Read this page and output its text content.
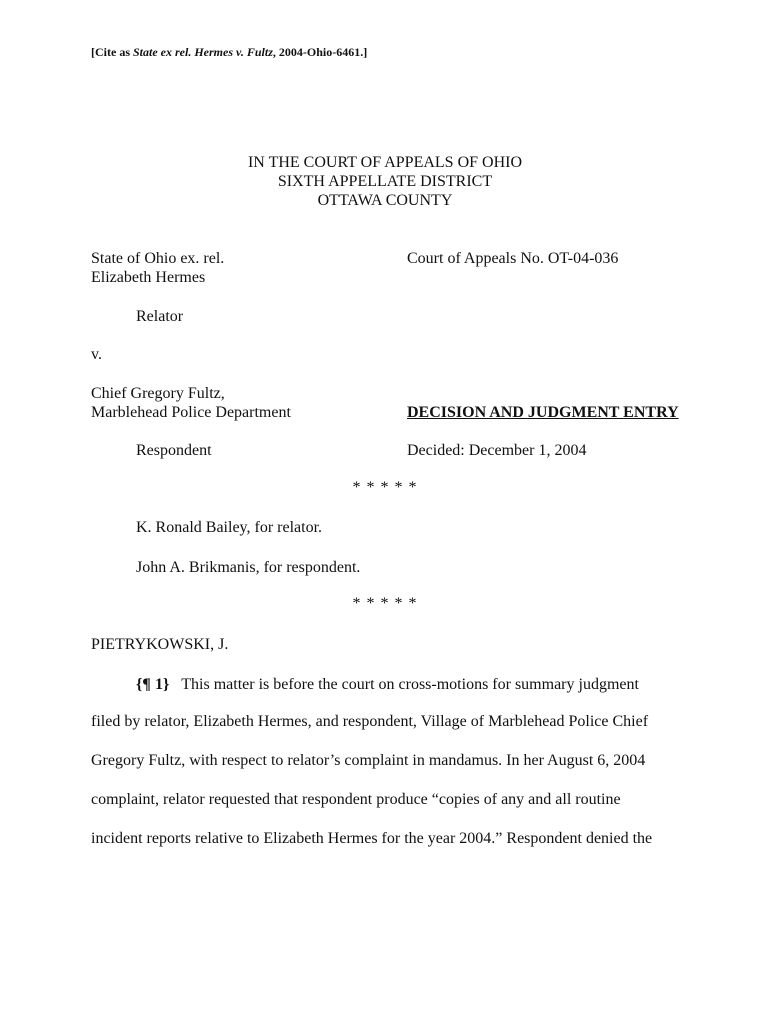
[Cite as State ex rel. Hermes v. Fultz, 2004-Ohio-6461.]
IN THE COURT OF APPEALS OF OHIO
SIXTH APPELLATE DISTRICT
OTTAWA COUNTY
State of Ohio ex. rel.
Elizabeth Hermes
Court of Appeals No. OT-04-036
Relator
v.
Chief Gregory Fultz,
Marblehead Police Department	DECISION AND JUDGMENT ENTRY
Respondent	Decided: December 1, 2004
* * * * *
K. Ronald Bailey, for relator.
John A. Brikmanis, for respondent.
* * * * *
PIETRYKOWSKI, J.
{¶ 1} This matter is before the court on cross-motions for summary judgment
filed by relator, Elizabeth Hermes, and respondent, Village of Marblehead Police Chief
Gregory Fultz, with respect to relator’s complaint in mandamus. In her August 6, 2004
complaint, relator requested that respondent produce “copies of any and all routine
incident reports relative to Elizabeth Hermes for the year 2004.” Respondent denied the
